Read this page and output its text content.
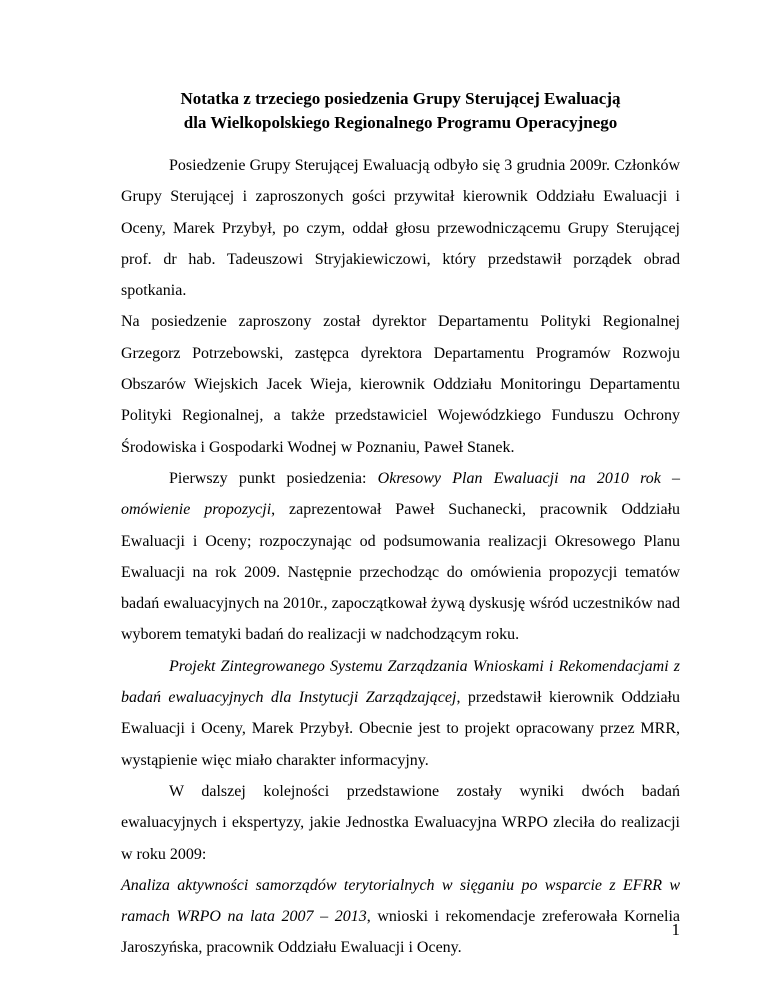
Notatka z trzeciego posiedzenia Grupy Sterującej Ewaluacją
dla Wielkopolskiego Regionalnego Programu Operacyjnego

Posiedzenie Grupy Sterującej Ewaluacją odbyło się 3 grudnia 2009r. Członków Grupy Sterującej i zaproszonych gości przywitał kierownik Oddziału Ewaluacji i Oceny, Marek Przybył, po czym, oddał głosu przewodniczącemu Grupy Sterującej prof. dr hab. Tadeuszowi Stryjakiewiczowi, który przedstawił porządek obrad spotkania.

Na posiedzenie zaproszony został dyrektor Departamentu Polityki Regionalnej Grzegorz Potrzebowski, zastępca dyrektora Departamentu Programów Rozwoju Obszarów Wiejskich Jacek Wieja, kierownik Oddziału Monitoringu Departamentu Polityki Regionalnej, a także przedstawiciel Wojewódzkiego Funduszu Ochrony Środowiska i Gospodarki Wodnej w Poznaniu, Paweł Stanek.

Pierwszy punkt posiedzenia: Okresowy Plan Ewaluacji na 2010 rok – omówienie propozycji, zaprezentował Paweł Suchanecki, pracownik Oddziału Ewaluacji i Oceny; rozpoczynając od podsumowania realizacji Okresowego Planu Ewaluacji na rok 2009. Następnie przechodząc do omówienia propozycji tematów badań ewaluacyjnych na 2010r., zapoczątkował żywą dyskusję wśród uczestników nad wyborem tematyki badań do realizacji w nadchodzącym roku.

Projekt Zintegrowanego Systemu Zarządzania Wnioskami i Rekomendacjami z badań ewaluacyjnych dla Instytucji Zarządzającej, przedstawił kierownik Oddziału Ewaluacji i Oceny, Marek Przybył. Obecnie jest to projekt opracowany przez MRR, wystąpienie więc miało charakter informacyjny.

W dalszej kolejności przedstawione zostały wyniki dwóch badań ewaluacyjnych i ekspertyzy, jakie Jednostka Ewaluacyjna WRPO zleciła do realizacji w roku 2009:

Analiza aktywności samorządów terytorialnych w sięganiu po wsparcie z EFRR w ramach WRPO na lata 2007 – 2013, wnioski i rekomendacje zreferowała Kornelia Jaroszyńska, pracownik Oddziału Ewaluacji i Oceny.

1
